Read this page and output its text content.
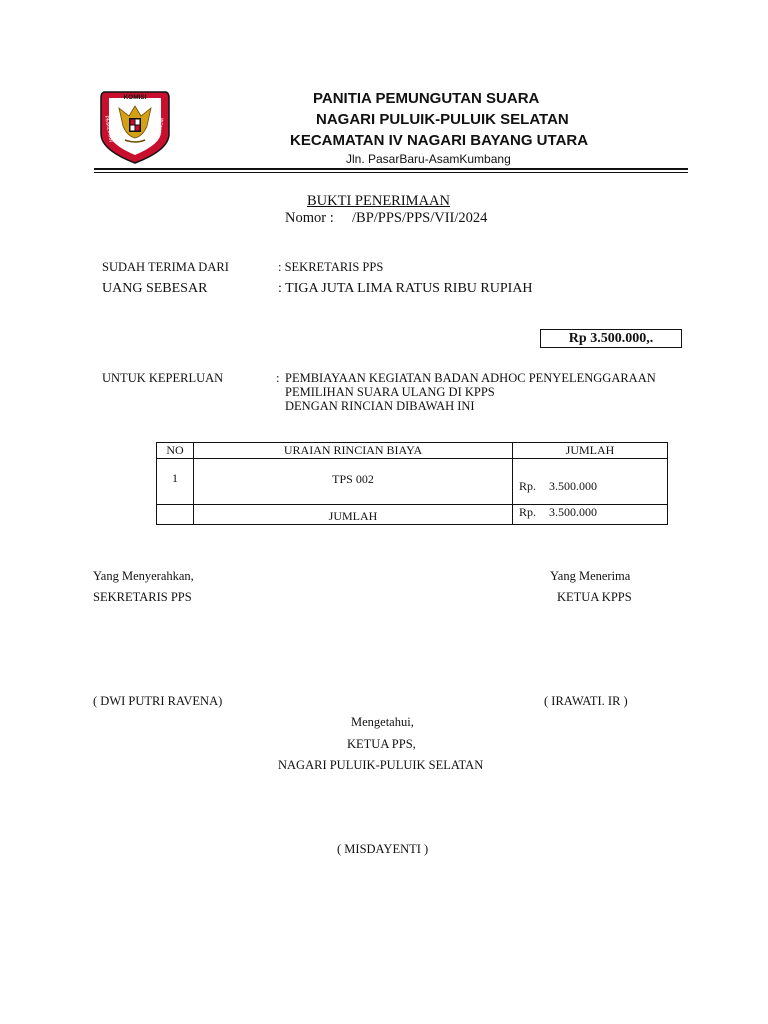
KOMISI
PEMILIHAN	UMUM
PANITIA PEMUNGUTAN SUARA
NAGARI PULUIK-PULUIK SELATAN
KECAMATAN IV NAGARI BAYANG UTARA
Jln. PasarBaru-AsamKumbang
BUKTI PENERIMAAN
Nomor : /BP/PPS/PPS/VII/2024
SUDAH TERIMA DARI	: SEKRETARIS PPS
UANG SEBESAR	: TIGA JUTA LIMA RATUS RIBU RUPIAH
Rp 3.500.000,.
UNTUK KEPERLUAN	: PEMBIAYAAN KEGIATAN BADAN ADHOC PENYELENGGARAAN
PEMILIHAN SUARA ULANG DI KPPS
DENGAN RINCIAN DIBAWAH INI
NO	URAIAN RINCIAN BIAYA	JUMLAH
1	TPS 002	Rp. 3.500.000
	JUMLAH	Rp. 3.500.000
Yang Menyerahkan,
SEKRETARIS PPS
Yang Menerima
KETUA KPPS
( DWI PUTRI RAVENA)	( IRAWATI. IR )
Mengetahui,
KETUA PPS,
NAGARI PULUIK-PULUIK SELATAN
( MISDAYENTI )
